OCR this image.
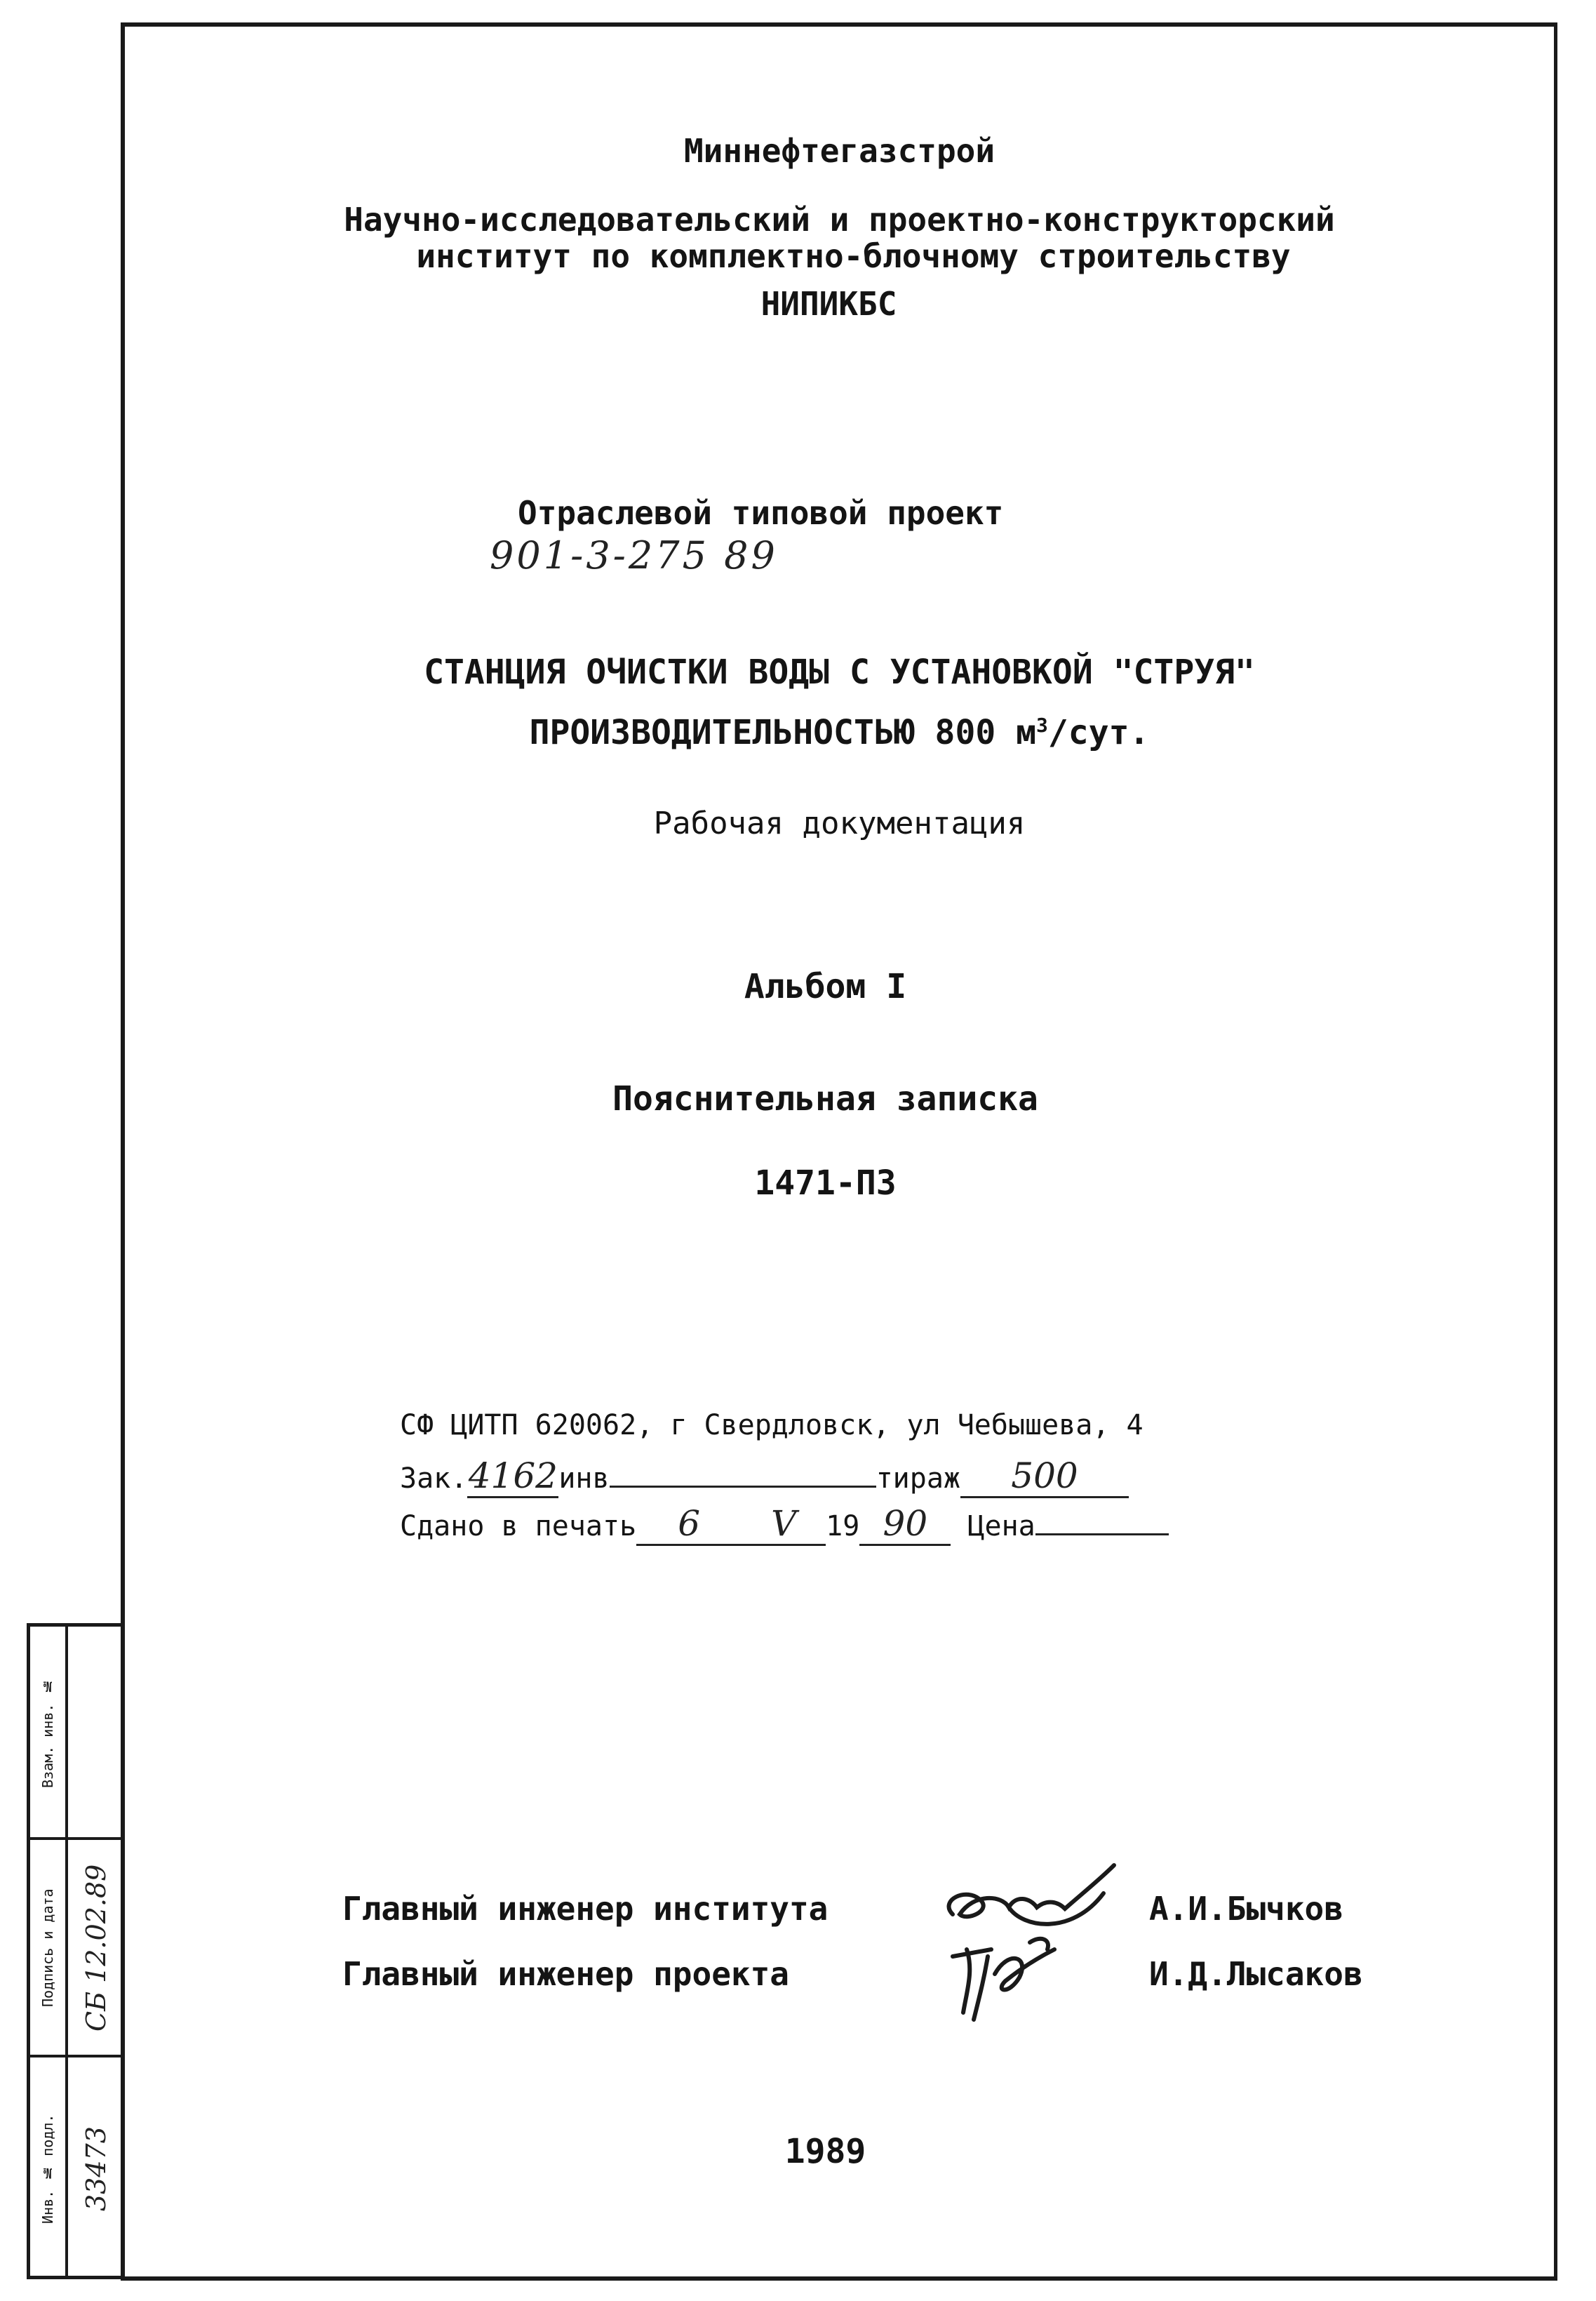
Миннефтегазстрой
Научно-исследовательский и проектно-конструкторский
институт по комплектно-блочному строительству
НИПИКБС
Отраслевой типовой проект
901-3-275 89
СТАНЦИЯ ОЧИСТКИ ВОДЫ С УСТАНОВКОЙ "СТРУЯ"
ПРОИЗВОДИТЕЛЬНОСТЬЮ 800 $м^3$/сут.
Рабочая документация
Альбом I
Пояснительная записка
1471-ПЗ
СФ ЦИТП 620062, г Свердловск, ул Чебышева, 4
Зак.4162инв	тираж 500
Сдано в печать 6 V 19 90 Цена
Главный инженер института	А.И.Бычков
Главный инженер проекта	И.Д.Лысаков
1989
Взам. инв. №
Подпись и дата СБ 12.02.89
Инв. № подл. 33473
